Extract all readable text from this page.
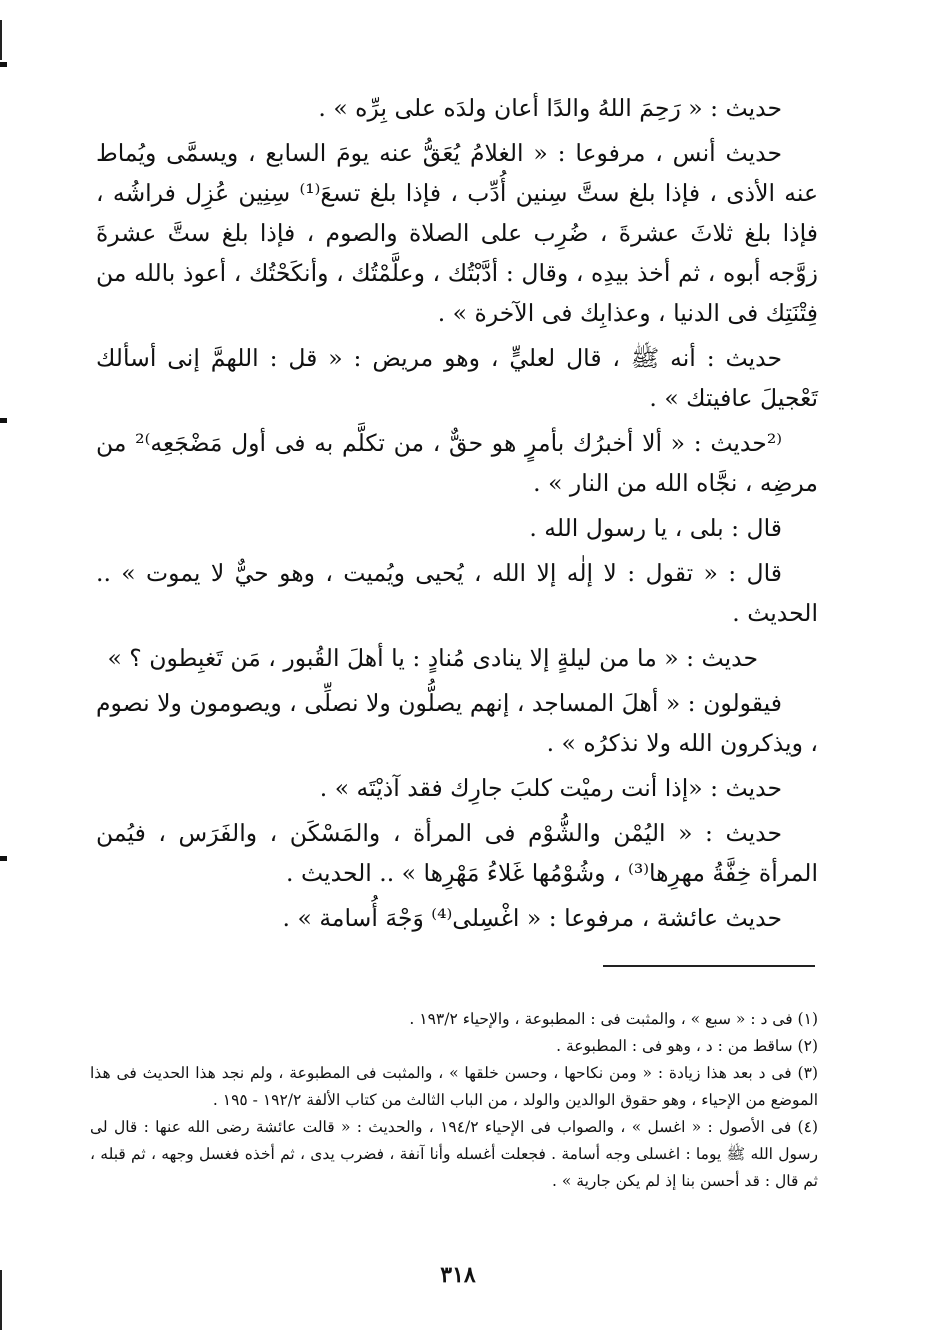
حديث : « رَحِمَ اللهُ والدًا أعان ولدَه على بِرِّه » .

حديث أنس ، مرفوعا : « الغلامُ يُعَقُّ عنه يومَ السابع ، ويسمَّى ويُماط عنه الأذى ، فإذا بلغ ستَّ سِنين أُدِّب ، فإذا بلغ تسعَ⁽¹⁾ سِنِين عُزِل فراشُه ، فإذا بلغ ثلاثَ عشرةَ ، ضُرِب على الصلاة والصوم ، فإذا بلغ ستَّ عشرةَ زوَّجه أبوه ، ثم أخذ بيدِه ، وقال : أدَّبْتُك ، وعلَّمْتُك ، وأنكَحْتُك ، أعوذ بالله من فِتْنَتِك فى الدنيا ، وعذابِك فى الآخرة » .

حديث : أنه ﷺ ، قال لعليٍّ ، وهو مريض : « قل : اللهمَّ إنى أسألك تَعْجيلَ عافيتك » .

⁽²حديث : « ألا أخبرُك بأمرٍ هو حقٌّ ، من تكلَّم به فى أول مَضْجَعِه⁾² من مرضِه ، نجَّاه الله من النار » .

قال : بلى ، يا رسول الله .

قال : « تقول : لا إلٰه إلا الله ، يُحيى ويُميت ، وهو حيٌّ لا يموت » .. الحديث .

حديث : « ما من ليلةٍ إلا ينادى مُنادٍ : يا أهلَ القُبور ، مَن تَغبِطون ؟ »

فيقولون : « أهلَ المساجد ، إنهم يصلُّون ولا نصلِّى ، ويصومون ولا نصوم ، ويذكرون الله ولا نذكرُه » .

حديث : «إذا أنت رميْت كلبَ جارِك فقد آذيْتَه » .

حديث : « اليُمْن والشُّوْم فى المرأة ، والمَسْكَن ، والفَرَس ، فيُمن المرأة خِفَّةُ مهرِها⁽³⁾ ، وشُوْمُها غَلاءُ مَهْرِها » .. الحديث .

حديث عائشة ، مرفوعا : « اغْسِلى⁽⁴⁾ وَجْهَ أُسامة » .

(١) فى د : « سبع » ، والمثبت فى : المطبوعة ، والإحياء ١٩٣/٢ .

(٢) ساقط من : د ، وهو فى : المطبوعة .

(٣) فى د بعد هذا زيادة : « ومن نكاحها ، وحسن خلقها » ، والمثبت فى المطبوعة ، ولم نجد هذا الحديث فى هذا الموضع من الإحياء ، وهو حقوق الوالدين والولد ، من الباب الثالث من كتاب الألفة ١٩٢/٢ - ١٩٥ .

(٤) فى الأصول : « اغسل » ، والصواب فى الإحياء ١٩٤/٢ ، والحديث : « قالت عائشة رضى الله عنها : قال لى رسول الله ﷺ يوما : اغسلى وجه أسامة . فجعلت أغسله وأنا آنفة ، فضرب يدى ، ثم أخذه فغسل وجهه ، ثم قبله ، ثم قال : قد أحسن بنا إذ لم يكن جارية » .

٣١٨
